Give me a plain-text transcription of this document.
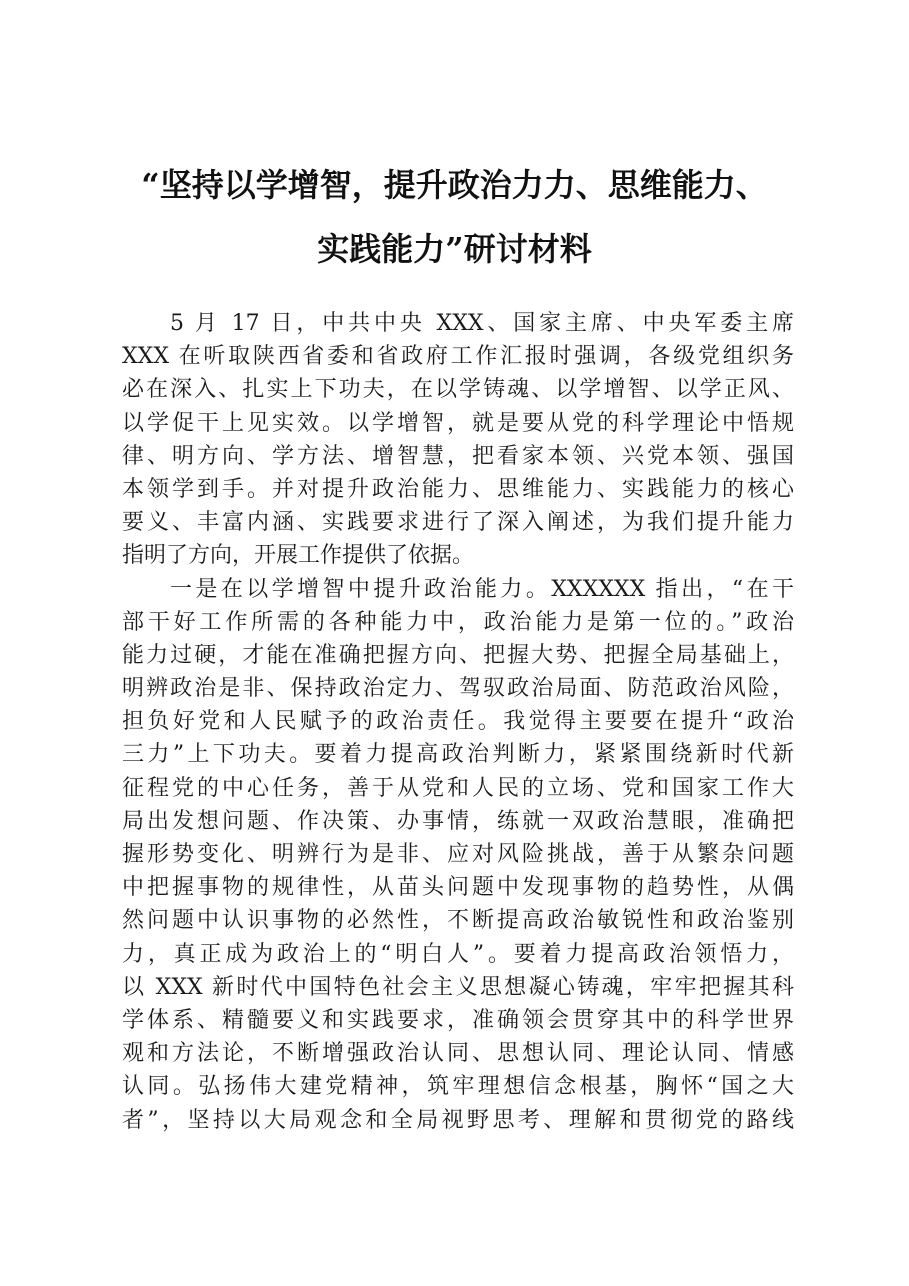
“坚持以学增智，提升政治力力、思维能力、
实践能力”研讨材料
5 月 17 日，中共中央 XXX、国家主席、中央军委主席
XXX 在听取陕西省委和省政府工作汇报时强调，各级党组织务
必在深入、扎实上下功夫，在以学铸魂、以学增智、以学正风、
以学促干上见实效。以学增智，就是要从党的科学理论中悟规
律、明方向、学方法、增智慧，把看家本领、兴党本领、强国
本领学到手。并对提升政治能力、思维能力、实践能力的核心
要义、丰富内涵、实践要求进行了深入阐述，为我们提升能力
指明了方向，开展工作提供了依据。
一是在以学增智中提升政治能力。XXXXXX 指出，“在干
部干好工作所需的各种能力中，政治能力是第一位的。”政治
能力过硬，才能在准确把握方向、把握大势、把握全局基础上，
明辨政治是非、保持政治定力、驾驭政治局面、防范政治风险，
担负好党和人民赋予的政治责任。我觉得主要要在提升“政治
三力”上下功夫。要着力提高政治判断力，紧紧围绕新时代新
征程党的中心任务，善于从党和人民的立场、党和国家工作大
局出发想问题、作决策、办事情，练就一双政治慧眼，准确把
握形势变化、明辨行为是非、应对风险挑战，善于从繁杂问题
中把握事物的规律性，从苗头问题中发现事物的趋势性，从偶
然问题中认识事物的必然性，不断提高政治敏锐性和政治鉴别
力，真正成为政治上的“明白人”。要着力提高政治领悟力，
以 XXX 新时代中国特色社会主义思想凝心铸魂，牢牢把握其科
学体系、精髓要义和实践要求，准确领会贯穿其中的科学世界
观和方法论，不断增强政治认同、思想认同、理论认同、情感
认同。弘扬伟大建党精神，筑牢理想信念根基，胸怀“国之大
者”，坚持以大局观念和全局视野思考、理解和贯彻党的路线
